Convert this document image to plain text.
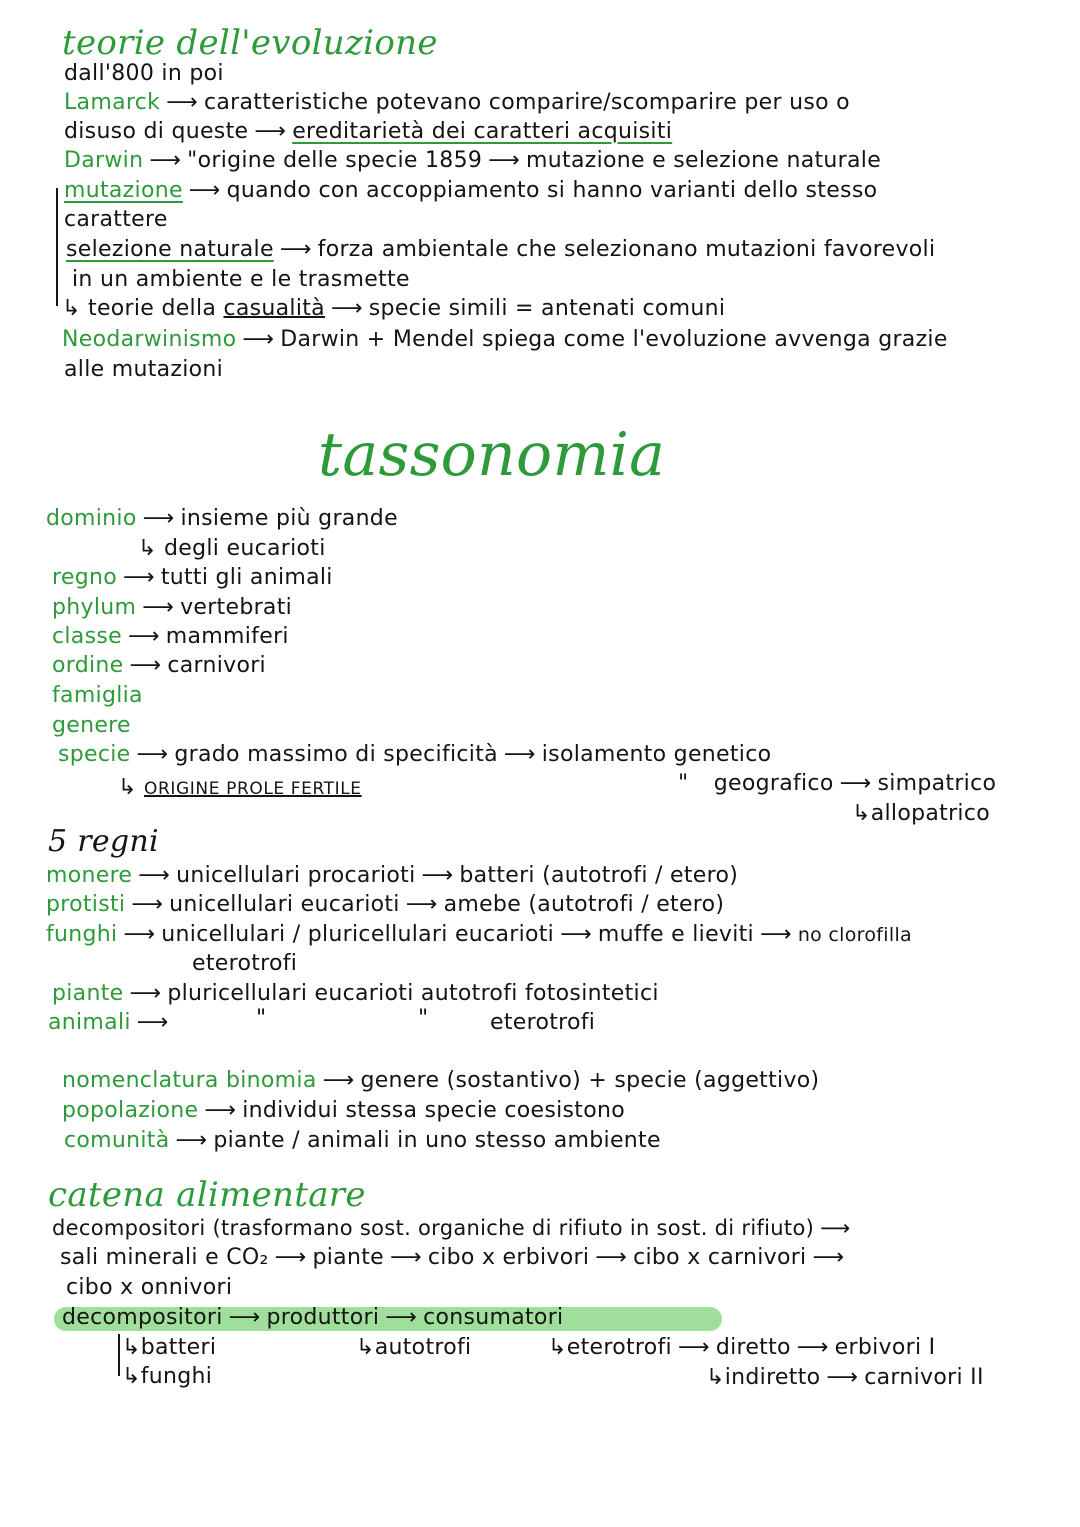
teorie dell'evoluzione
dall'800 in poi
Lamarck ⟶ caratteristiche potevano comparire/scomparire per uso o
disuso di queste ⟶ ereditarietà dei caratteri acquisiti
Darwin ⟶ "origine delle specie 1859 ⟶ mutazione e selezione naturale
mutazione ⟶ quando con accoppiamento si hanno varianti dello stesso
carattere
selezione naturale ⟶ forza ambientale che selezionano mutazioni favorevoli
in un ambiente e le trasmette
↳ teorie della casualità ⟶ specie simili = antenati comuni
Neodarwinismo ⟶ Darwin + Mendel spiega come l'evoluzione avvenga grazie
alle mutazioni
tassonomia
dominio ⟶ insieme più grande
↳ degli eucarioti
regno ⟶ tutti gli animali
phylum ⟶ vertebrati
classe ⟶ mammiferi
ordine ⟶ carnivori
famiglia
genere
specie ⟶ grado massimo di specificità ⟶ isolamento genetico
↳ ORIGINE PROLE FERTILE	" geografico ⟶ simpatrico
↳allopatrico
5 regni
monere ⟶ unicellulari procarioti ⟶ batteri (autotrofi / etero)
protisti ⟶ unicellulari eucarioti ⟶ amebe (autotrofi / etero)
funghi ⟶ unicellulari / pluricellulari eucarioti ⟶ muffe e lieviti ⟶ no clorofilla
eterotrofi
piante ⟶ pluricellulari eucarioti autotrofi fotosintetici
animali ⟶	"	"	eterotrofi
nomenclatura binomia ⟶ genere (sostantivo) + specie (aggettivo)
popolazione ⟶ individui stessa specie coesistono
comunità ⟶ piante / animali in uno stesso ambiente
catena alimentare
decompositori (trasformano sost. organiche di rifiuto in sost. di rifiuto) ⟶
sali minerali e CO₂ ⟶ piante ⟶ cibo x erbivori ⟶ cibo x carnivori ⟶
cibo x onnivori
decompositori ⟶ produttori ⟶ consumatori
↳batteri
↳funghi
↳autotrofi	↳eterotrofi ⟶ diretto ⟶ erbivori I
↳indiretto ⟶ carnivori II
